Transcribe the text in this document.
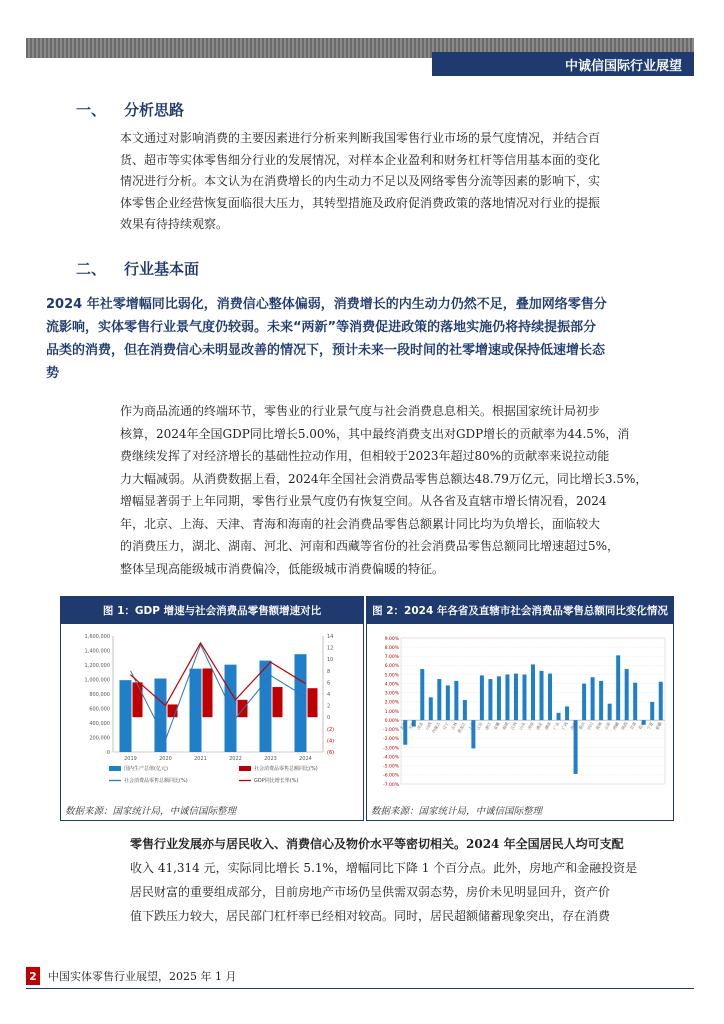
中诚信国际行业展望
一、 分析思路
本文通过对影响消费的主要因素进行分析来判断我国零售行业市场的景气度情况，并结合百
货、超市等实体零售细分行业的发展情况，对样本企业盈利和财务杠杆等信用基本面的变化
情况进行分析。本文认为在消费增长的内生动力不足以及网络零售分流等因素的影响下，实
体零售企业经营恢复面临很大压力，其转型措施及政府促消费政策的落地情况对行业的提振
效果有待持续观察。
二、 行业基本面
2024 年社零增幅同比弱化，消费信心整体偏弱，消费增长的内生动力仍然不足，叠加网络零售分
流影响，实体零售行业景气度仍较弱。未来“两新”等消费促进政策的落地实施仍将持续提振部分
品类的消费，但在消费信心未明显改善的情况下，预计未来一段时间的社零增速或保持低速增长态
势
作为商品流通的终端环节，零售业的行业景气度与社会消费息息相关。根据国家统计局初步
核算，2024年全国GDP同比增长5.00%，其中最终消费支出对GDP增长的贡献率为44.5%，消
费继续发挥了对经济增长的基础性拉动作用，但相较于2023年超过80%的贡献率来说拉动能
力大幅减弱。从消费数据上看，2024年全国社会消费品零售总额达48.79万亿元，同比增长3.5%，
增幅显著弱于上年同期，零售行业景气度仍有恢复空间。从各省及直辖市增长情况看，2024
年，北京、上海、天津、青海和海南的社会消费品零售总额累计同比均为负增长，面临较大
的消费压力，湖北、湖南、河北、河南和西藏等省份的社会消费品零售总额同比增速超过5%，
整体呈现高能级城市消费偏冷，低能级城市消费偏暖的特征。
图 1：GDP 增速与社会消费品零售额增速对比
0
200,000
400,000
600,000
800,000
1,000,000
1,200,000
1,400,000
1,600,000
(6)
(4)
(2)
0
2
4
6
8
10
12
14
2019	2020	2021	2022	2023	2024
国内生产总值(亿元)	社会消费品零售总额同比(%)
社会消费品零售总额同比(%)	GDP同比增长率(%)
数据来源：国家统计局，中诚信国际整理
图 2：2024 年各省及直辖市社会消费品零售总额同比变化情况
-7.00%
-6.00%
-5.00%
-4.00%
-3.00%
-2.00%
-1.00%
0.00%
1.00%
2.00%
3.00%
4.00%
5.00%
6.00%
7.00%
8.00%
9.00%
北京 天津 河北 山西
内蒙古 辽宁 吉林
黑龙江 上海 江苏 浙江 安徽 福建 江西 山东 河南 湖北 湖南 广东 广西 海南 重庆 四川 贵州 云南 西藏 陕西 甘肃 青海 宁夏 新疆
数据来源：国家统计局，中诚信国际整理
零售行业发展亦与居民收入、消费信心及物价水平等密切相关。2024 年全国居民人均可支配
收入 41,314 元，实际同比增长 5.1%，增幅同比下降 1 个百分点。此外，房地产和金融投资是
居民财富的重要组成部分，目前房地产市场仍呈供需双弱态势，房价未见明显回升，资产价
值下跌压力较大，居民部门杠杆率已经相对较高。同时，居民超额储蓄现象突出，存在消费
2 中国实体零售行业展望，2025 年 1 月
